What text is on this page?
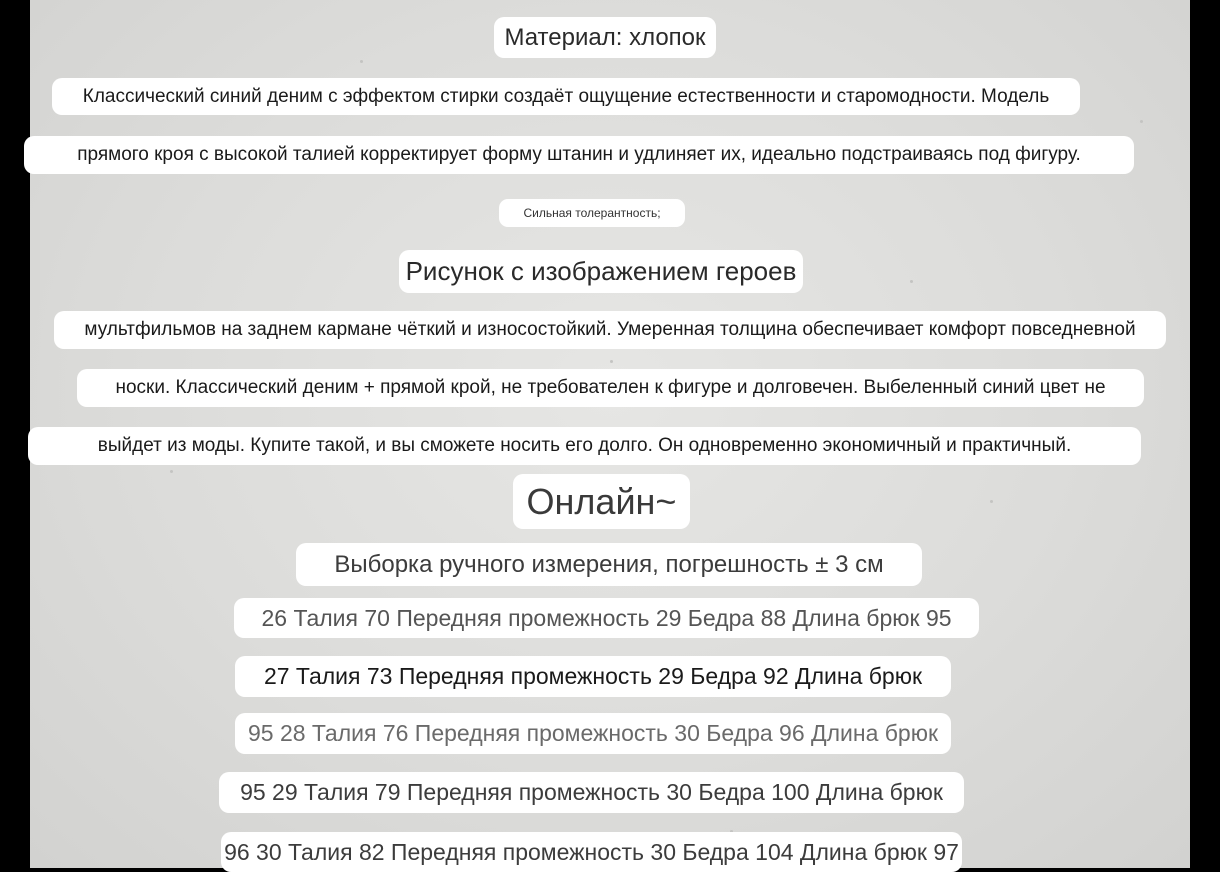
Материал: хлопок
Классический синий деним с эффектом стирки создаёт ощущение естественности и старомодности. Модель
прямого кроя с высокой талией корректирует форму штанин и удлиняет их, идеально подстраиваясь под фигуру.
Сильная толерантность;
Рисунок с изображением героев
мультфильмов на заднем кармане чёткий и износостойкий. Умеренная толщина обеспечивает комфорт повседневной
носки. Классический деним + прямой крой, не требователен к фигуре и долговечен. Выбеленный синий цвет не
выйдет из моды. Купите такой, и вы сможете носить его долго. Он одновременно экономичный и практичный.
Онлайн~
Выборка ручного измерения, погрешность ± 3 см
26 Талия 70 Передняя промежность 29 Бедра 88 Длина брюк 95
27 Талия 73 Передняя промежность 29 Бедра 92 Длина брюк
95 28 Талия 76 Передняя промежность 30 Бедра 96 Длина брюк
95 29 Талия 79 Передняя промежность 30 Бедра 100 Длина брюк
96 30 Талия 82 Передняя промежность 30 Бедра 104 Длина брюк 97
